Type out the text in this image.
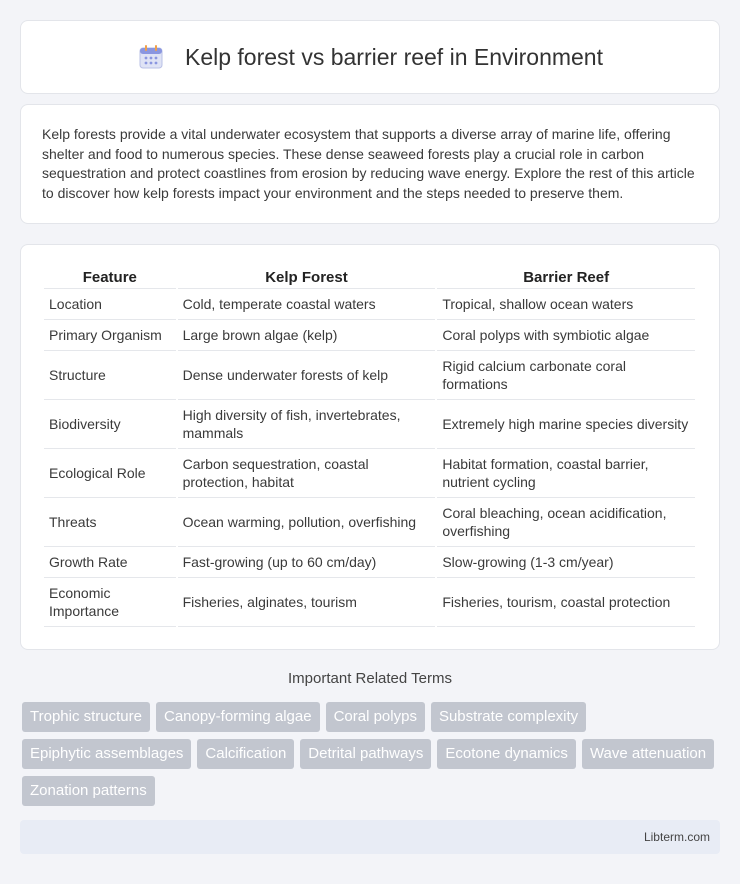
Kelp forest vs barrier reef in Environment

Kelp forests provide a vital underwater ecosystem that supports a diverse array of marine life, offering shelter and food to numerous species. These dense seaweed forests play a crucial role in carbon sequestration and protect coastlines from erosion by reducing wave energy. Explore the rest of this article to discover how kelp forests impact your environment and the steps needed to preserve them.

Feature	Kelp Forest	Barrier Reef
Location	Cold, temperate coastal waters	Tropical, shallow ocean waters
Primary Organism	Large brown algae (kelp)	Coral polyps with symbiotic algae
Structure	Dense underwater forests of kelp	Rigid calcium carbonate coral formations
Biodiversity	High diversity of fish, invertebrates, mammals	Extremely high marine species diversity
Ecological Role	Carbon sequestration, coastal protection, habitat	Habitat formation, coastal barrier, nutrient cycling
Threats	Ocean warming, pollution, overfishing	Coral bleaching, ocean acidification, overfishing
Growth Rate	Fast-growing (up to 60 cm/day)	Slow-growing (1-3 cm/year)
Economic Importance	Fisheries, alginates, tourism	Fisheries, tourism, coastal protection
Important Related Terms
Trophic structure	Canopy-forming algae	Coral polyps	Substrate complexity
Epiphytic assemblages	Calcification	Detrital pathways	Ecotone dynamics	Wave attenuation
Zonation patterns
Libterm.com
